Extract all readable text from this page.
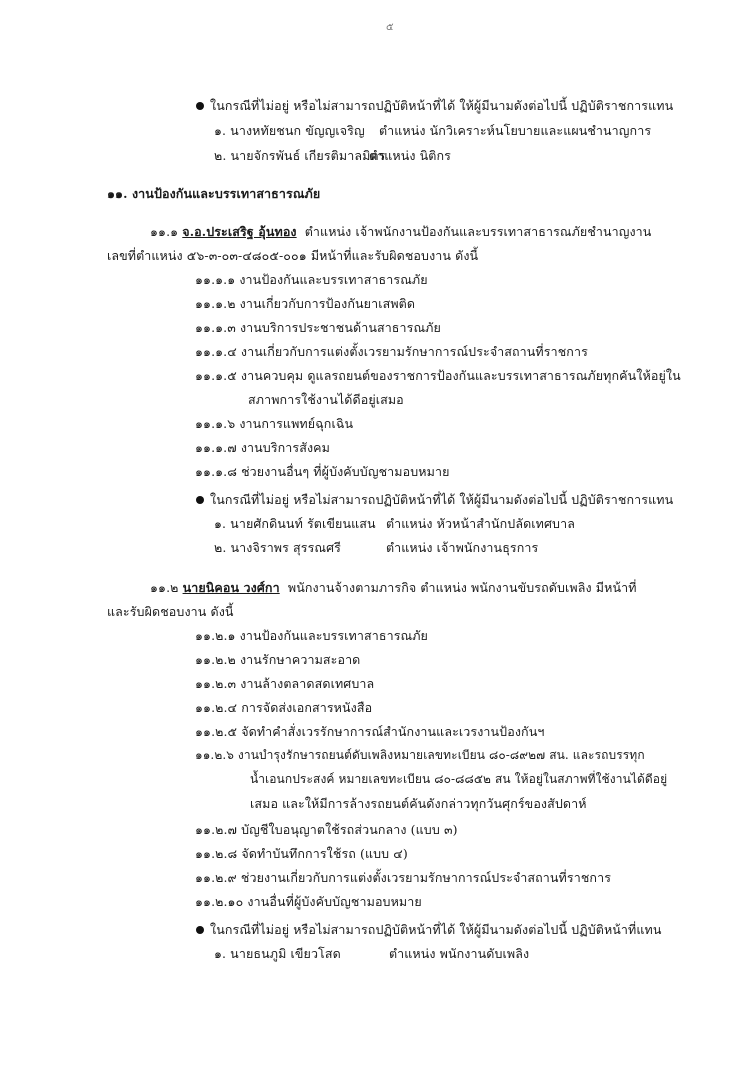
๕
ในกรณีที่ไม่อยู่ หรือไม่สามารถปฏิบัติหน้าที่ได้ ให้ผู้มีนามดังต่อไปนี้ ปฏิบัติราชการแทน
๑. นางหทัยชนก ขัญญเจริญ ตำแหน่ง นักวิเคราะห์นโยบายและแผนชำนาญการ
๒. นายจักรพันธ์ เกียรติมาลมิตรตำแหน่ง นิติกร
๑๑. งานป้องกันและบรรเทาสาธารณภัย
๑๑.๑ จ.อ.ประเสริฐ อุ้นทอง ตำแหน่ง เจ้าพนักงานป้องกันและบรรเทาสาธารณภัยชำนาญงาน
เลขที่ตำแหน่ง ๕๖-๓-๐๓-๔๘๐๕-๐๐๑ มีหน้าที่และรับผิดชอบงาน ดังนี้
๑๑.๑.๑ งานป้องกันและบรรเทาสาธารณภัย
๑๑.๑.๒ งานเกี่ยวกับการป้องกันยาเสพติด
๑๑.๑.๓ งานบริการประชาชนด้านสาธารณภัย
๑๑.๑.๔ งานเกี่ยวกับการแต่งตั้งเวรยามรักษาการณ์ประจำสถานที่ราชการ
๑๑.๑.๕ งานควบคุม ดูแลรถยนต์ของราชการป้องกันและบรรเทาสาธารณภัยทุกคันให้อยู่ใน
สภาพการใช้งานได้ดีอยู่เสมอ
๑๑.๑.๖ งานการแพทย์ฉุกเฉิน
๑๑.๑.๗ งานบริการสังคม
๑๑.๑.๘ ช่วยงานอื่นๆ ที่ผู้บังคับบัญชามอบหมาย
ในกรณีที่ไม่อยู่ หรือไม่สามารถปฏิบัติหน้าที่ได้ ให้ผู้มีนามดังต่อไปนี้ ปฏิบัติราชการแทน
๑. นายศักดินนท์ รัตเขียนแสน ตำแหน่ง หัวหน้าสำนักปลัดเทศบาล
๒. นางจิราพร สุรรณศรี	ตำแหน่ง เจ้าพนักงานธุรการ
๑๑.๒ นายนิคอน วงศ์กา พนักงานจ้างตามภารกิจ ตำแหน่ง พนักงานขับรถดับเพลิง มีหน้าที่
และรับผิดชอบงาน ดังนี้
๑๑.๒.๑ งานป้องกันและบรรเทาสาธารณภัย
๑๑.๒.๒ งานรักษาความสะอาด
๑๑.๒.๓ งานล้างตลาดสดเทศบาล
๑๑.๒.๔ การจัดส่งเอกสารหนังสือ
๑๑.๒.๕ จัดทำคำสั่งเวรรักษาการณ์สำนักงานและเวรงานป้องกันฯ
๑๑.๒.๖ งานบำรุงรักษารถยนต์ดับเพลิงหมายเลขทะเบียน ๘๐-๘๙๒๗ สน. และรถบรรทุก
น้ำเอนกประสงค์ หมายเลขทะเบียน ๘๐-๘๘๕๒ สน ให้อยู่ในสภาพที่ใช้งานได้ดีอยู่
เสมอ และให้มีการล้างรถยนต์คันดังกล่าวทุกวันศุกร์ของสัปดาห์
๑๑.๒.๗ บัญชีใบอนุญาตใช้รถส่วนกลาง (แบบ ๓)
๑๑.๒.๘ จัดทำบันทึกการใช้รถ (แบบ ๔)
๑๑.๒.๙ ช่วยงานเกี่ยวกับการแต่งตั้งเวรยามรักษาการณ์ประจำสถานที่ราชการ
๑๑.๒.๑๐ งานอื่นที่ผู้บังคับบัญชามอบหมาย
ในกรณีที่ไม่อยู่ หรือไม่สามารถปฏิบัติหน้าที่ได้ ให้ผู้มีนามดังต่อไปนี้ ปฏิบัติหน้าที่แทน
๑. นายธนภูมิ เขียวโสด	ตำแหน่ง พนักงานดับเพลิง
